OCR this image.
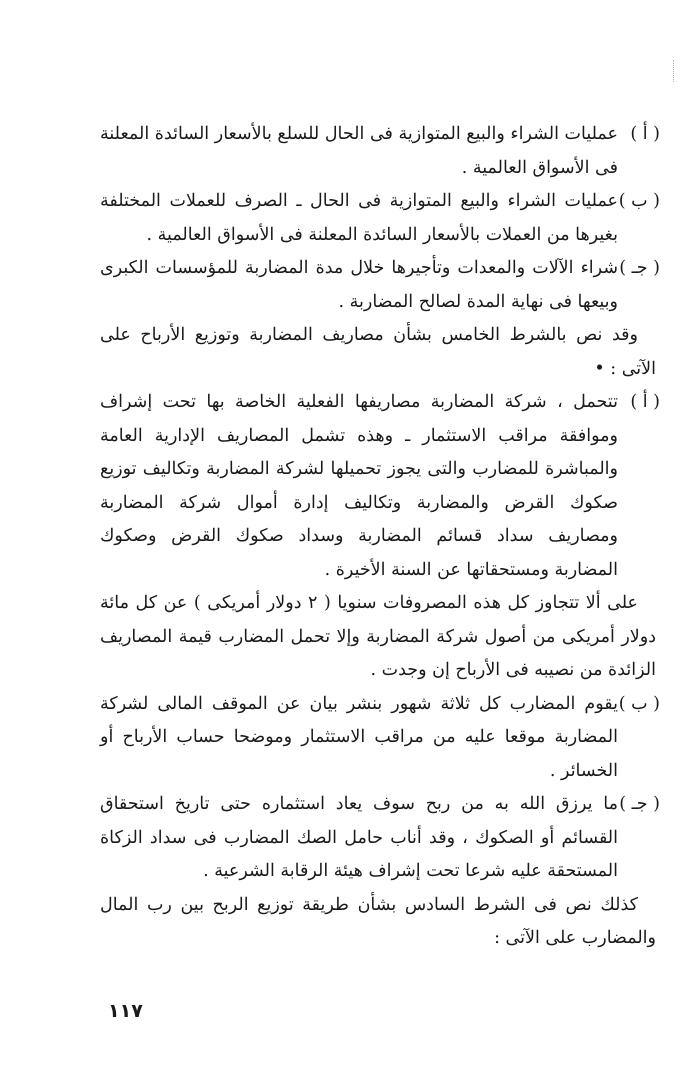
( أ )
عمليات الشراء والبيع المتوازية فى الحال للسلع بالأسعار السائدة المعلنة فى الأسواق العالمية .
( ب )
عمليات الشراء والبيع المتوازية فى الحال ـ الصرف للعملات المختلفة بغيرها من العملات بالأسعار السائدة المعلنة فى الأسواق العالمية .
( جـ )
شراء الآلات والمعدات وتأجيرها خلال مدة المضاربة للمؤسسات الكبرى وبيعها فى نهاية المدة لصالح المضاربة .

وقد نص بالشرط الخامس بشأن مصاريف المضاربة وتوزيع الأرباح على الآتى : •

( أ )
تتحمل ، شركة المضاربة مصاريفها الفعلية الخاصة بها تحت إشراف وموافقة مراقب الاستثمار ـ وهذه تشمل المصاريف الإدارية العامة والمباشرة للمضارب والتى يجوز تحميلها لشركة المضاربة وتكاليف توزيع صكوك القرض والمضاربة وتكاليف إدارة أموال شركة المضاربة ومصاريف سداد قسائم المضاربة وسداد صكوك القرض وصكوك المضاربة ومستحقاتها عن السنة الأخيرة .

على ألا تتجاوز كل هذه المصروفات سنويا ( ٢ دولار أمريكى ) عن كل مائة دولار أمريكى من أصول شركة المضاربة وإلا تحمل المضارب قيمة المصاريف الزائدة من نصيبه فى الأرباح إن وجدت .

( ب )
يقوم المضارب كل ثلاثة شهور بنشر بيان عن الموقف المالى لشركة المضاربة موقعا عليه من مراقب الاستثمار وموضحا حساب الأرباح أو الخسائر .
( جـ )
ما يرزق الله به من ربح سوف يعاد استثماره حتى تاريخ استحقاق القسائم أو الصكوك ، وقد أناب حامل الصك المضارب فى سداد الزكاة المستحقة عليه شرعا تحت إشراف هيئة الرقابة الشرعية .

كذلك نص فى الشرط السادس بشأن طريقة توزيع الربح بين رب المال والمضارب على الآتى :

١١٧
